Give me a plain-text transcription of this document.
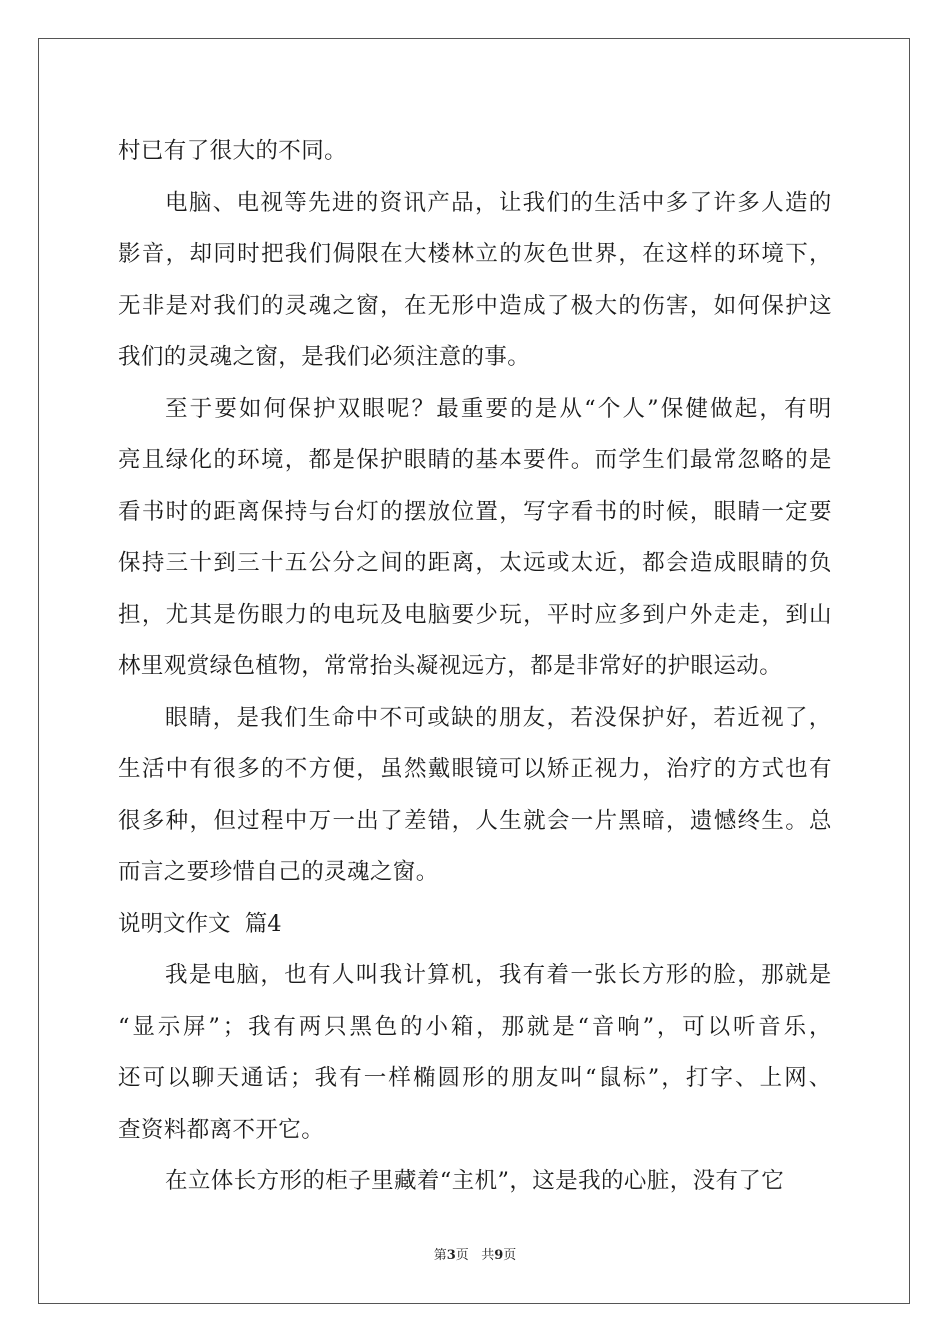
村已有了很大的不同。
电 脑 、 电 视 等 先 进 的 资 讯 产 品 ， 让 我 们 的 生 活 中 多 了 许 多 人 造 的
影 音 ， 却 同 时 把 我 们 侷 限 在 大 楼 林 立 的 灰 色 世 界 ， 在 这 样 的 环 境 下 ，
无 非 是 对 我 们 的 灵 魂 之 窗 ， 在 无 形 中 造 成 了 极 大 的 伤 害 ， 如 何 保 护 这
我们的灵魂之窗，是我们必须注意的事。
至 于 要 如 何 保 护 双 眼 呢 ？ 最 重 要 的 是 从 “ 个 人 ” 保 健 做 起 ， 有 明
亮 且 绿 化 的 环 境 ， 都 是 保 护 眼 睛 的 基 本 要 件 。 而 学 生 们 最 常 忽 略 的 是
看 书 时 的 距 离 保 持 与 台 灯 的 摆 放 位 置 ， 写 字 看 书 的 时 候 ， 眼 睛 一 定 要
保 持 三 十 到 三 十 五 公 分 之 间 的 距 离 ， 太 远 或 太 近 ， 都 会 造 成 眼 睛 的 负
担 ， 尤 其 是 伤 眼 力 的 电 玩 及 电 脑 要 少 玩 ， 平 时 应 多 到 户 外 走 走 ， 到 山
林里观赏绿色植物，常常抬头凝视远方，都是非常好的护眼运动。
眼 睛 ， 是 我 们 生 命 中 不 可 或 缺 的 朋 友 ， 若 没 保 护 好 ， 若 近 视 了 ，
生 活 中 有 很 多 的 不 方 便 ， 虽 然 戴 眼 镜 可 以 矫 正 视 力 ， 治 疗 的 方 式 也 有
很 多 种 ， 但 过 程 中 万 一 出 了 差 错 ， 人 生 就 会 一 片 黑 暗 ， 遗 憾 终 生 。 总
而言之要珍惜自己的灵魂之窗。
说明文作文  篇4
我 是 电 脑 ， 也 有 人 叫 我 计 算 机 ， 我 有 着 一 张 长 方 形 的 脸 ， 那 就 是
“ 显 示 屏 ” ； 我 有 两 只 黑 色 的 小 箱 ， 那 就 是 “ 音 响 ” ， 可 以 听 音 乐 ，
还 可 以 聊 天 通 话 ； 我 有 一 样 椭 圆 形 的 朋 友 叫 “ 鼠 标 ” ， 打 字 、 上 网 、
查资料都离不开它。
在立体长方形的柜子里藏着“主机”，这是我的心脏，没有了它
第3页 共9页
